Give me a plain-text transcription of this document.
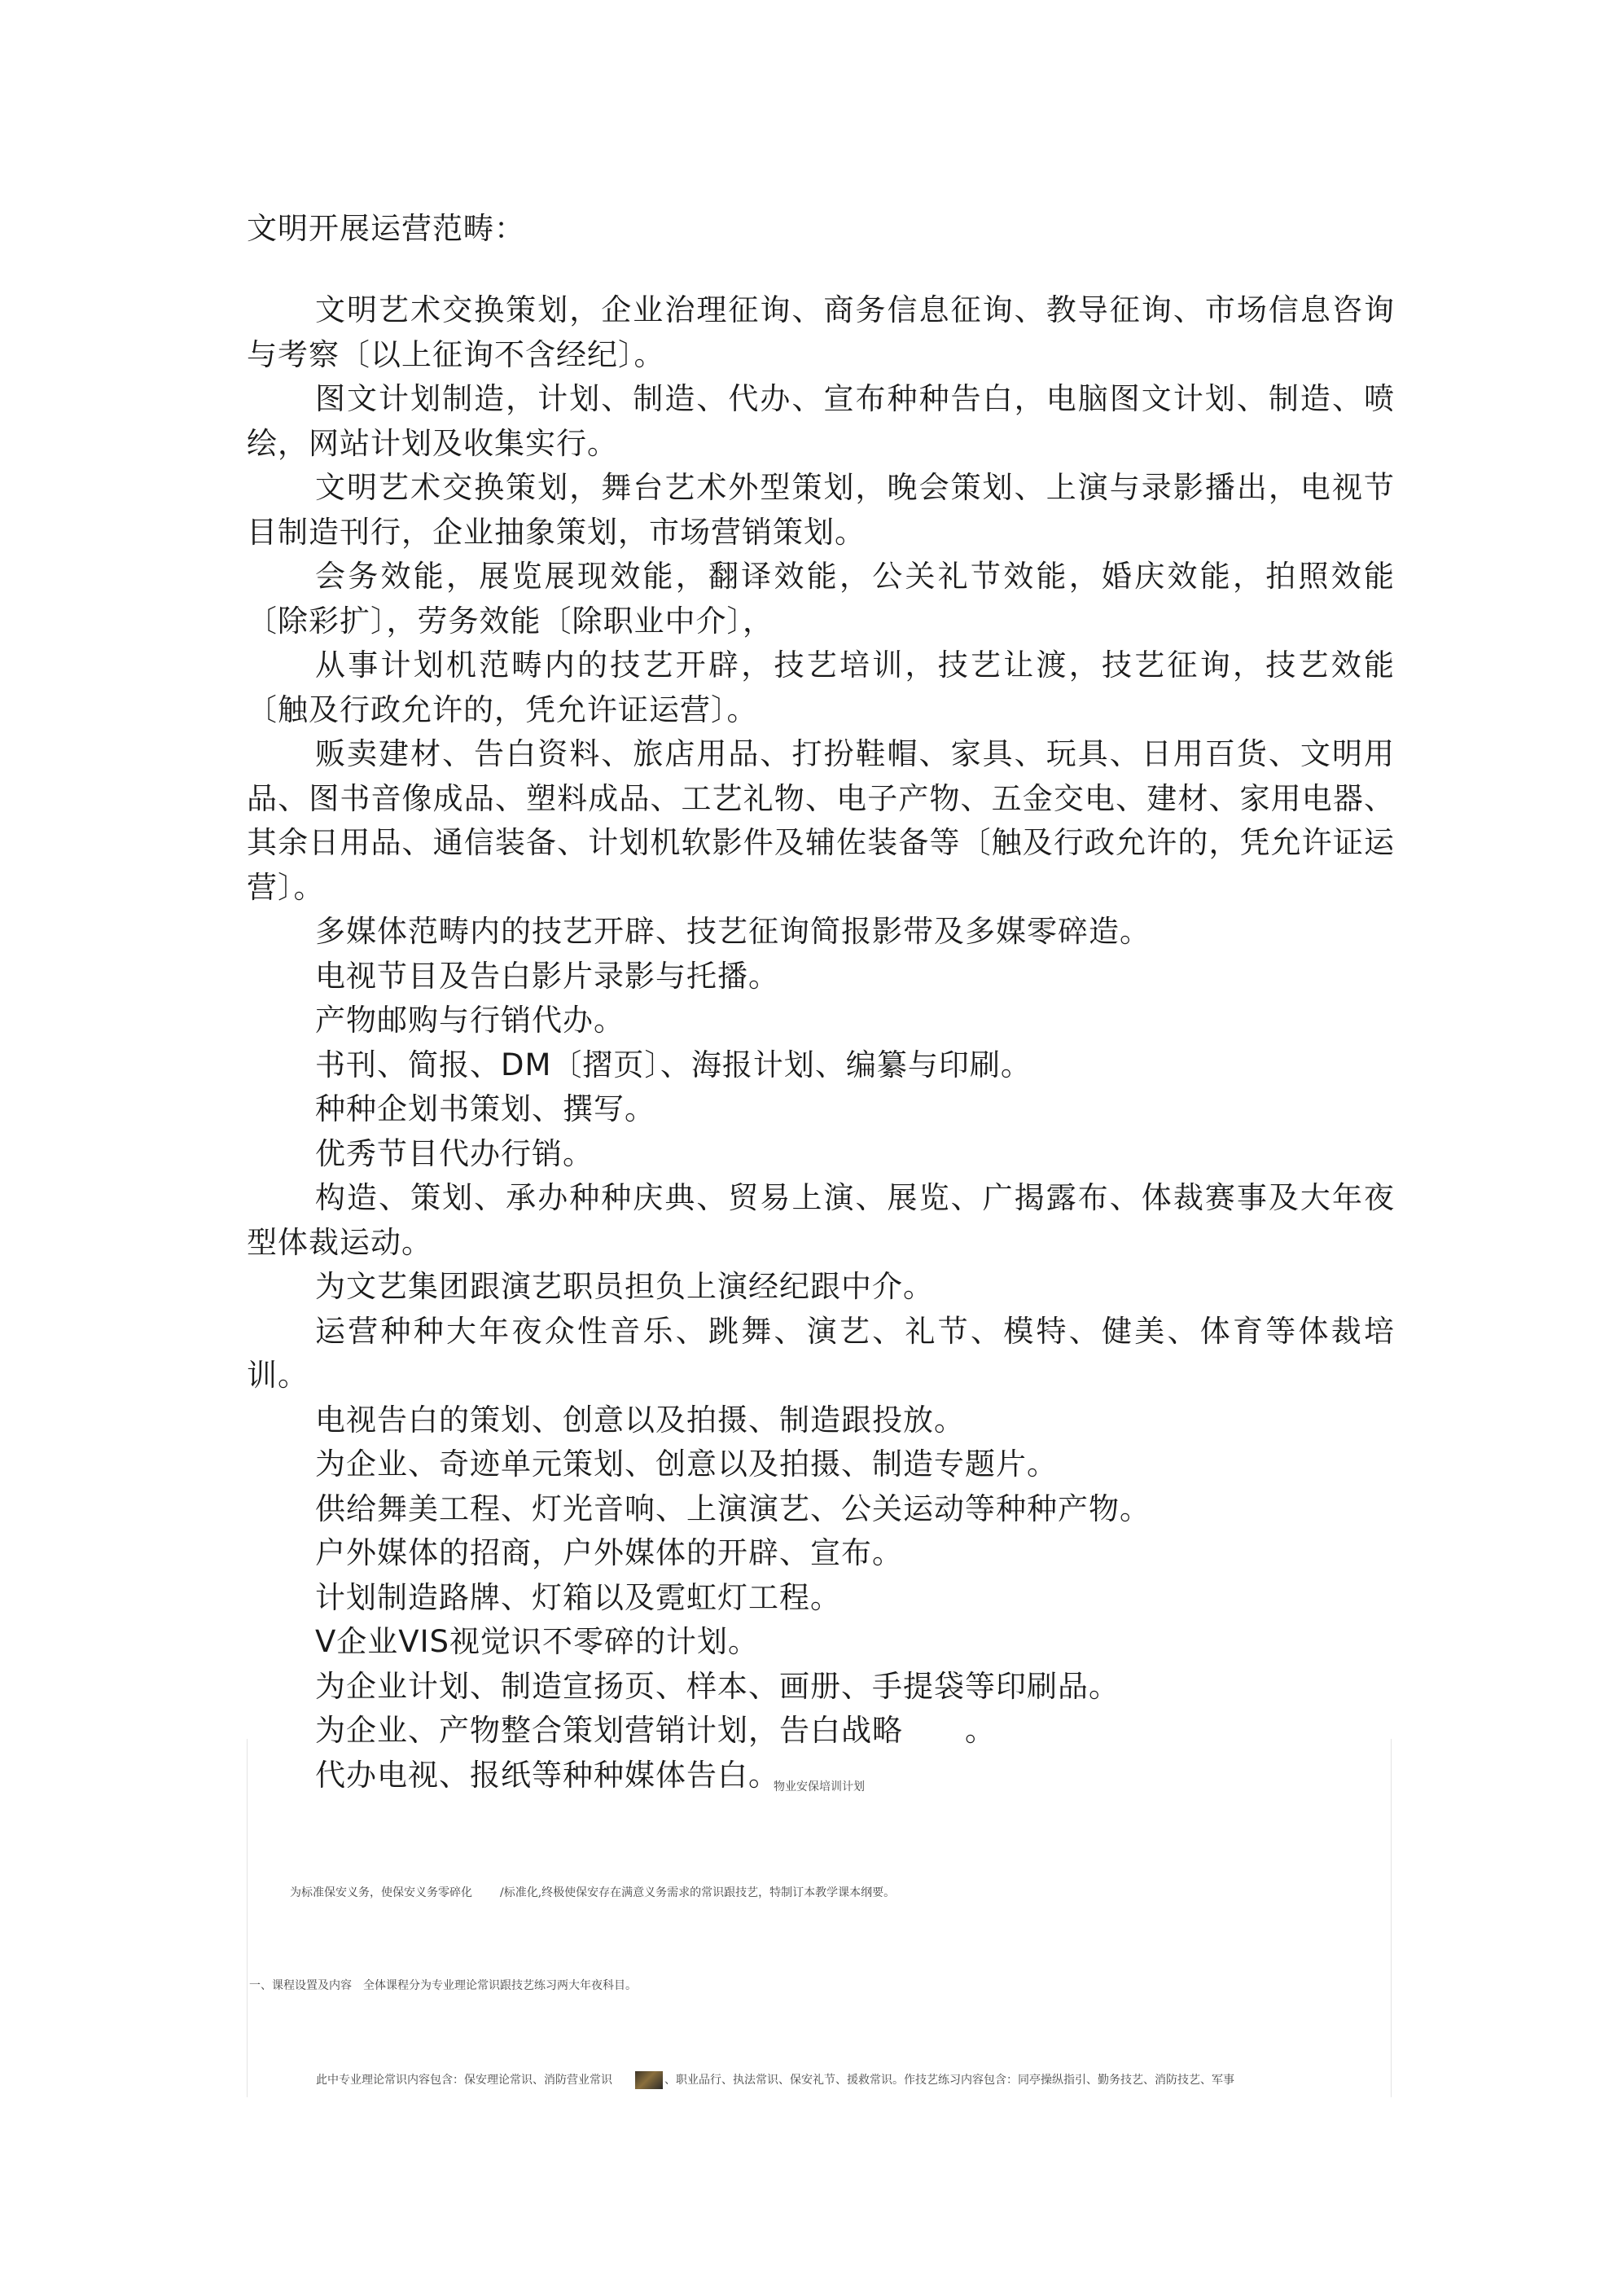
文明开展运营范畴：

文明艺术交换策划，企业治理征询、商务信息征询、教导征询、市场信息咨询与考察〔以上征询不含经纪〕。

图文计划制造，计划、制造、代办、宣布种种告白，电脑图文计划、制造、喷绘，网站计划及收集实行。

文明艺术交换策划，舞台艺术外型策划，晚会策划、上演与录影播出，电视节目制造刊行，企业抽象策划，市场营销策划。

会务效能，展览展现效能，翻译效能，公关礼节效能，婚庆效能，拍照效能〔除彩扩〕，劳务效能〔除职业中介〕，

从事计划机范畴内的技艺开辟，技艺培训，技艺让渡，技艺征询，技艺效能〔触及行政允许的，凭允许证运营〕。

贩卖建材、告白资料、旅店用品、打扮鞋帽、家具、玩具、日用百货、文明用品、图书音像成品、塑料成品、工艺礼物、电子产物、五金交电、建材、家用电器、其余日用品、通信装备、计划机软影件及辅佐装备等〔触及行政允许的，凭允许证运营〕。

多媒体范畴内的技艺开辟、技艺征询简报影带及多媒零碎造。

电视节目及告白影片录影与托播。

产物邮购与行销代办。

书刊、简报、DM〔摺页〕、海报计划、编纂与印刷。

种种企划书策划、撰写。

优秀节目代办行销。

构造、策划、承办种种庆典、贸易上演、展览、广揭露布、体裁赛事及大年夜型体裁运动。

为文艺集团跟演艺职员担负上演经纪跟中介。

运营种种大年夜众性音乐、跳舞、演艺、礼节、模特、健美、体育等体裁培训。

电视告白的策划、创意以及拍摄、制造跟投放。

为企业、奇迹单元策划、创意以及拍摄、制造专题片。

供给舞美工程、灯光音响、上演演艺、公关运动等种种产物。

户外媒体的招商，户外媒体的开辟、宣布。

计划制造路牌、灯箱以及霓虹灯工程。

V企业VIS视觉识不零碎的计划。

为企业计划、制造宣扬页、样本、画册、手提袋等印刷品。

为企业、产物整合策划营销计划，告白战略　　。

代办电视、报纸等种种媒体告白。

物业安保培训计划
为标准保安义务，使保安义务零碎化 /标准化,终极使保安存在满意义务需求的常识跟技艺，特制订本教学课本纲要。
一、课程设置及内容 全体课程分为专业理论常识跟技艺练习两大年夜科目。
此中专业理论常识内容包含：保安理论常识、消防营业常识	、职业品行、执法常识、保安礼节、援救常识。作技艺练习内容包含：同亭操纵指引、勤务技艺、消防技艺、军事
